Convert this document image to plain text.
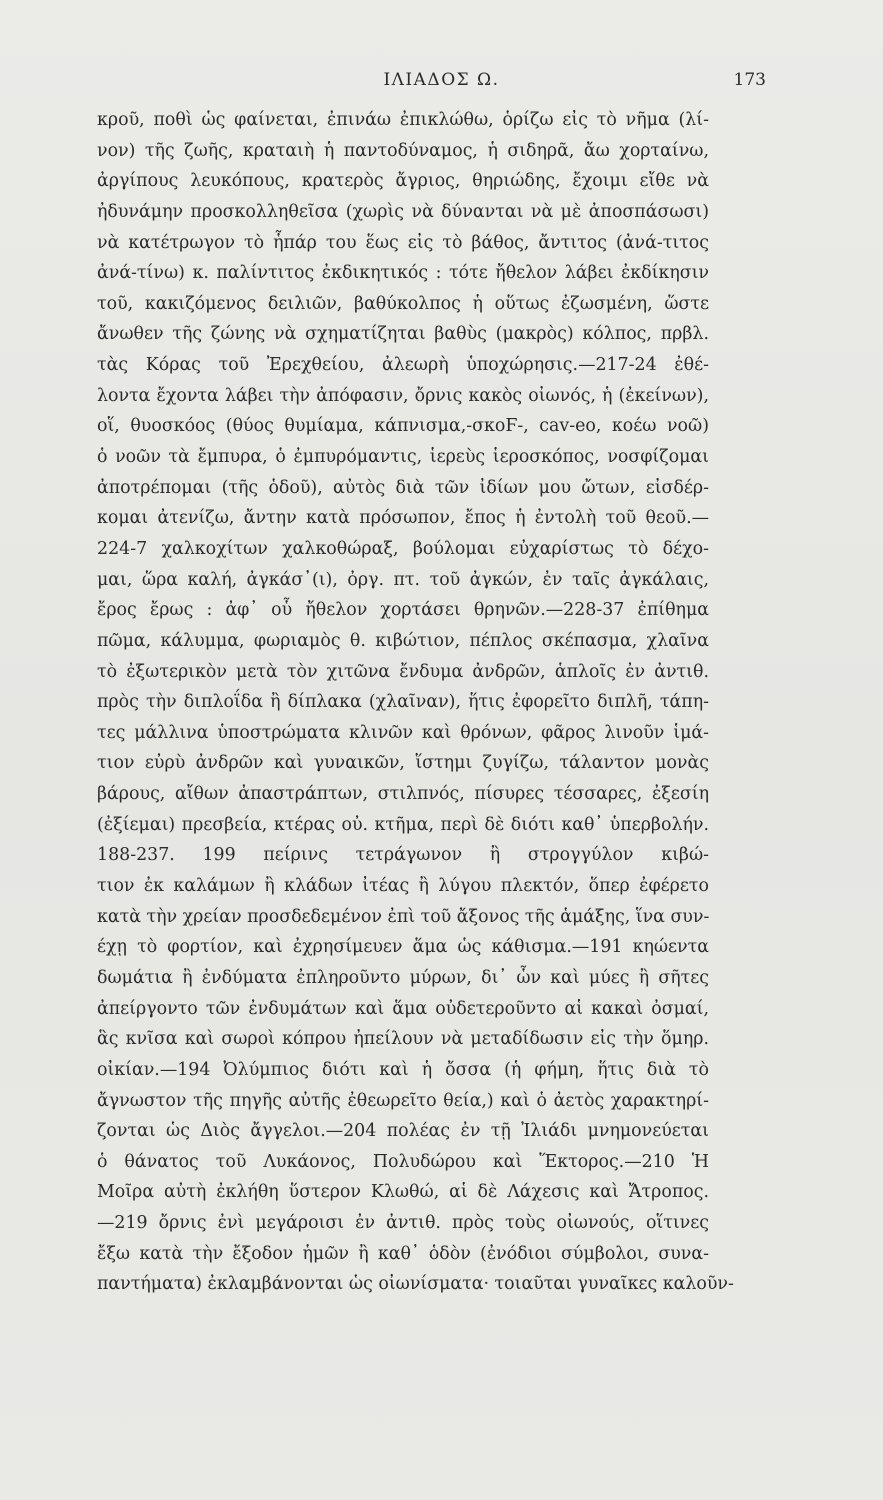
ΙΛΙΑΔΟΣ Ω.	173
κροῦ, ποθὶ ὡς φαίνεται, ἐπινάω ἐπικλώθω, ὁρίζω εἰς τὸ νῆμα (λί-
νον) τῆς ζωῆς, κραταιὴ ἡ παντοδύναμος, ἡ σιδηρᾶ, ἄω χορταίνω,
ἀργίπους λευκόπους, κρατερὸς ἄγριος, θηριώδης, ἔχοιμι εἴθε νὰ
ἠδυνάμην προσκολληθεῖσα (χωρὶς νὰ δύνανται νὰ μὲ ἀποσπάσωσι)
νὰ κατέτρωγον τὸ ἧπάρ του ἕως εἰς τὸ βάθος, ἄντιτος (ἀνά-τιτος
ἀνά-τίνω) κ. παλίντιτος ἐκδικητικός : τότε ἤθελον λάβει ἐκδίκησιν
τοῦ, κακιζόμενος δειλιῶν, βαθύκολπος ἡ οὕτως ἐζωσμένη, ὥστε
ἄνωθεν τῆς ζώνης νὰ σχηματίζηται βαθὺς (μακρὸς) κόλπος, πρβλ.
τὰς Κόρας τοῦ Ἐρεχθείου, ἀλεωρὴ ὑποχώρησις.—217-24 ἐθέ-
λοντα ἔχοντα λάβει τὴν ἀπόφασιν, ὄρνις κακὸς οἰωνός, ἡ (ἐκείνων),
οἵ, θυοσκόος (θύος θυμίαμα, κάπνισμα,-σκοϜ-, cav-eo, κοέω νοῶ)
ὁ νοῶν τὰ ἔμπυρα, ὁ ἐμπυρόμαντις, ἱερεὺς ἱεροσκόπος, νοσφίζομαι
ἀποτρέπομαι (τῆς ὁδοῦ), αὐτὸς διὰ τῶν ἰδίων μου ὤτων, εἰσδέρ-
κομαι ἀτενίζω, ἄντην κατὰ πρόσωπον, ἔπος ἡ ἐντολὴ τοῦ θεοῦ.—
224-7 χαλκοχίτων χαλκοθώραξ, βούλομαι εὐχαρίστως τὸ δέχο-
μαι, ὥρα καλή, ἀγκάσ᾽(ι), ὀργ. πτ. τοῦ ἀγκών, ἐν ταῖς ἀγκάλαις,
ἔρος ἔρως : ἀφ᾽ οὗ ἤθελον χορτάσει θρηνῶν.—228-37 ἐπίθημα
πῶμα, κάλυμμα, φωριαμὸς θ. κιβώτιον, πέπλος σκέπασμα, χλαῖνα
τὸ ἐξωτερικὸν μετὰ τὸν χιτῶνα ἔνδυμα ἀνδρῶν, ἁπλοῖς ἐν ἀντιθ.
πρὸς τὴν διπλοΐδα ἢ δίπλακα (χλαῖναν), ἥτις ἐφορεῖτο διπλῆ, τάπη-
τες μάλλινα ὑποστρώματα κλινῶν καὶ θρόνων, φᾶρος λινοῦν ἱμά-
τιον εὐρὺ ἀνδρῶν καὶ γυναικῶν, ἵστημι ζυγίζω, τάλαντον μονὰς
βάρους, αἴθων ἀπαστράπτων, στιλπνός, πίσυρες τέσσαρες, ἐξεσίη
(ἐξίεμαι) πρεσβεία, κτέρας οὐ. κτῆμα, περὶ δὲ διότι καθ᾽ ὑπερβολήν.
188-237. 199 πείρινς τετράγωνον ἢ στρογγύλον κιβώ-
τιον ἐκ καλάμων ἢ κλάδων ἰτέας ἢ λύγου πλεκτόν, ὅπερ ἐφέρετο
κατὰ τὴν χρείαν προσδεδεμένον ἐπὶ τοῦ ἄξονος τῆς ἁμάξης, ἵνα συν-
έχῃ τὸ φορτίον, καὶ ἐχρησίμευεν ἅμα ὡς κάθισμα.—191 κηώεντα
δωμάτια ἢ ἐνδύματα ἐπληροῦντο μύρων, δι᾽ ὧν καὶ μύες ἢ σῆτες
ἀπείργοντο τῶν ἐνδυμάτων καὶ ἅμα οὐδετεροῦντο αἱ κακαὶ ὀσμαί,
ἃς κνῖσα καὶ σωροὶ κόπρου ἠπείλουν νὰ μεταδίδωσιν εἰς τὴν ὅμηρ.
οἰκίαν.—194 Ὀλύμπιος διότι καὶ ἡ ὄσσα (ἡ φήμη, ἥτις διὰ τὸ
ἄγνωστον τῆς πηγῆς αὐτῆς ἐθεωρεῖτο θεία,) καὶ ὁ ἀετὸς χαρακτηρί-
ζονται ὡς Διὸς ἄγγελοι.—204 πολέας ἐν τῇ Ἰλιάδι μνημονεύεται
ὁ θάνατος τοῦ Λυκάονος, Πολυδώρου καὶ Ἕκτορος.—210 Ἡ
Μοῖρα αὐτὴ ἐκλήθη ὕστερον Κλωθώ, αἱ δὲ Λάχεσις καὶ Ἄτροπος.
—219 ὄρνις ἐνὶ μεγάροισι ἐν ἀντιθ. πρὸς τοὺς οἰωνούς, οἵτινες
ἔξω κατὰ τὴν ἔξοδον ἡμῶν ἢ καθ᾽ ὁδὸν (ἐνόδιοι σύμβολοι, συνα-
παντήματα) ἐκλαμβάνονται ὡς οἰωνίσματα· τοιαῦται γυναῖκες καλοῦν-
